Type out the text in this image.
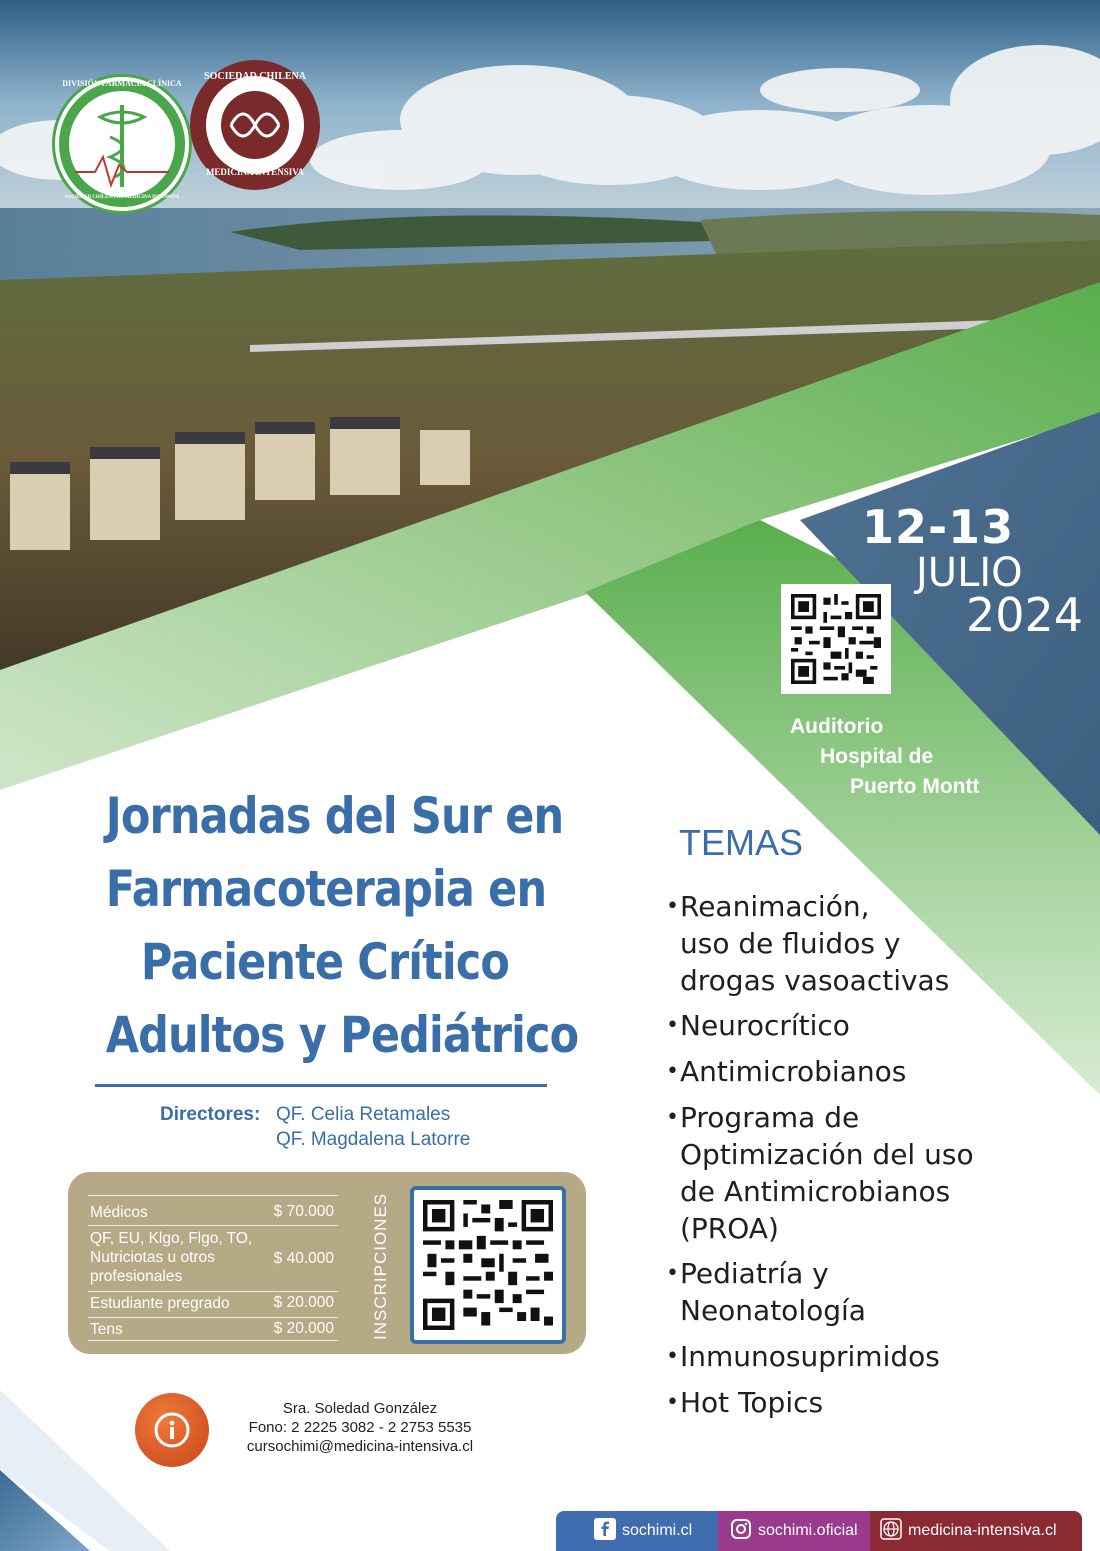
DIVISIÓN FARMACIA CLÍNICA
SOCIEDAD CHILENA DE MEDICINA INTENSIVA
SOCIEDAD CHILENA
MEDICINA INTENSIVA
12-13
JULIO
2024
Auditorio
Hospital de
Puerto Montt
Jornadas del Sur en
Farmacoterapia en
Paciente Crítico
Adultos y Pediátrico
Directores: QF. Celia Retamales
QF. Magdalena Latorre
Médicos	$ 70.000
QF, EU, Klgo, Flgo, TO,
Nutriciotas u otros
profesionales
$ 40.000
Estudiante pregrado	$ 20.000
Tens	$ 20.000 INSCRIPCIONES
Sra. Soledad González
Fono: 2 2225 3082 - 2 2753 5535
cursochimi@medicina-intensiva.cl
TEMAS
•Reanimación,
uso de fluidos y
drogas vasoactivas
•Neurocrítico
•Antimicrobianos
•Programa de
Optimización del uso
de Antimicrobianos
(PROA)
•Pediatría y
Neonatología
•Inmunosuprimidos
•Hot Topics
sochimi.cl	sochimi.oficial	medicina-intensiva.cl
